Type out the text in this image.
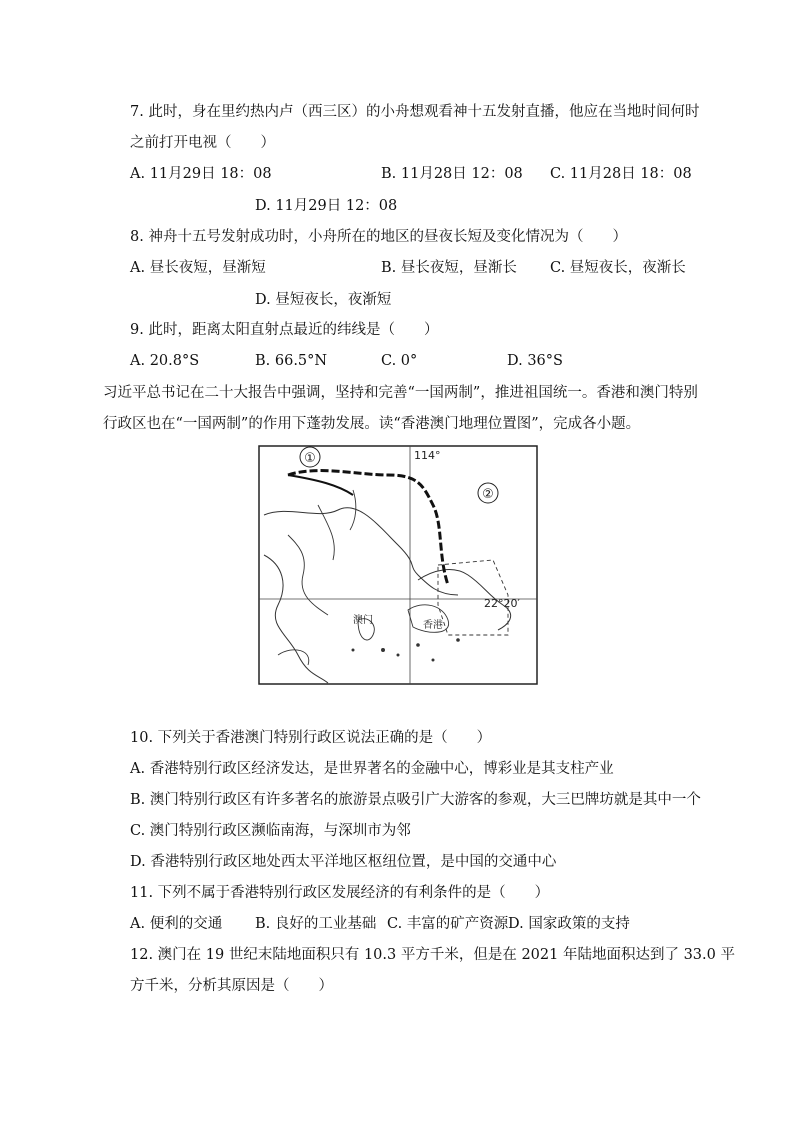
7. 此时，身在里约热内卢（西三区）的小舟想观看神十五发射直播，他应在当地时间何时
之前打开电视（　　）
A. 11月29日 18：08	B. 11月28日 12：08 C. 11月28日 18：08
D. 11月29日 12：08
8. 神舟十五号发射成功时，小舟所在的地区的昼夜长短及变化情况为（　　）
A. 昼长夜短，昼渐短	B. 昼长夜短，昼渐长 C. 昼短夜长，夜渐长
D. 昼短夜长，夜渐短
9. 此时，距离太阳直射点最近的纬线是（　　）
A. 20.8°S	B. 66.5°N	C. 0°	D. 36°S
习近平总书记在二十大报告中强调，坚持和完善“一国两制”，推进祖国统一。香港和澳门特别
行政区也在“一国两制”的作用下蓬勃发展。读“香港澳门地理位置图”，完成各小题。
①
②
114°
22°20′
澳门	香港
10. 下列关于香港澳门特别行政区说法正确的是（　　）
A. 香港特别行政区经济发达，是世界著名的金融中心，博彩业是其支柱产业
B. 澳门特别行政区有许多著名的旅游景点吸引广大游客的参观，大三巴牌坊就是其中一个
C. 澳门特别行政区濒临南海，与深圳市为邻
D. 香港特别行政区地处西太平洋地区枢纽位置，是中国的交通中心
11. 下列不属于香港特别行政区发展经济的有利条件的是（　　）
A. 便利的交通 B. 良好的工业基础 C. 丰富的矿产资源 D. 国家政策的支持
12. 澳门在 19 世纪末陆地面积只有 10.3 平方千米，但是在 2021 年陆地面积达到了 33.0 平
方千米，分析其原因是（　　）
